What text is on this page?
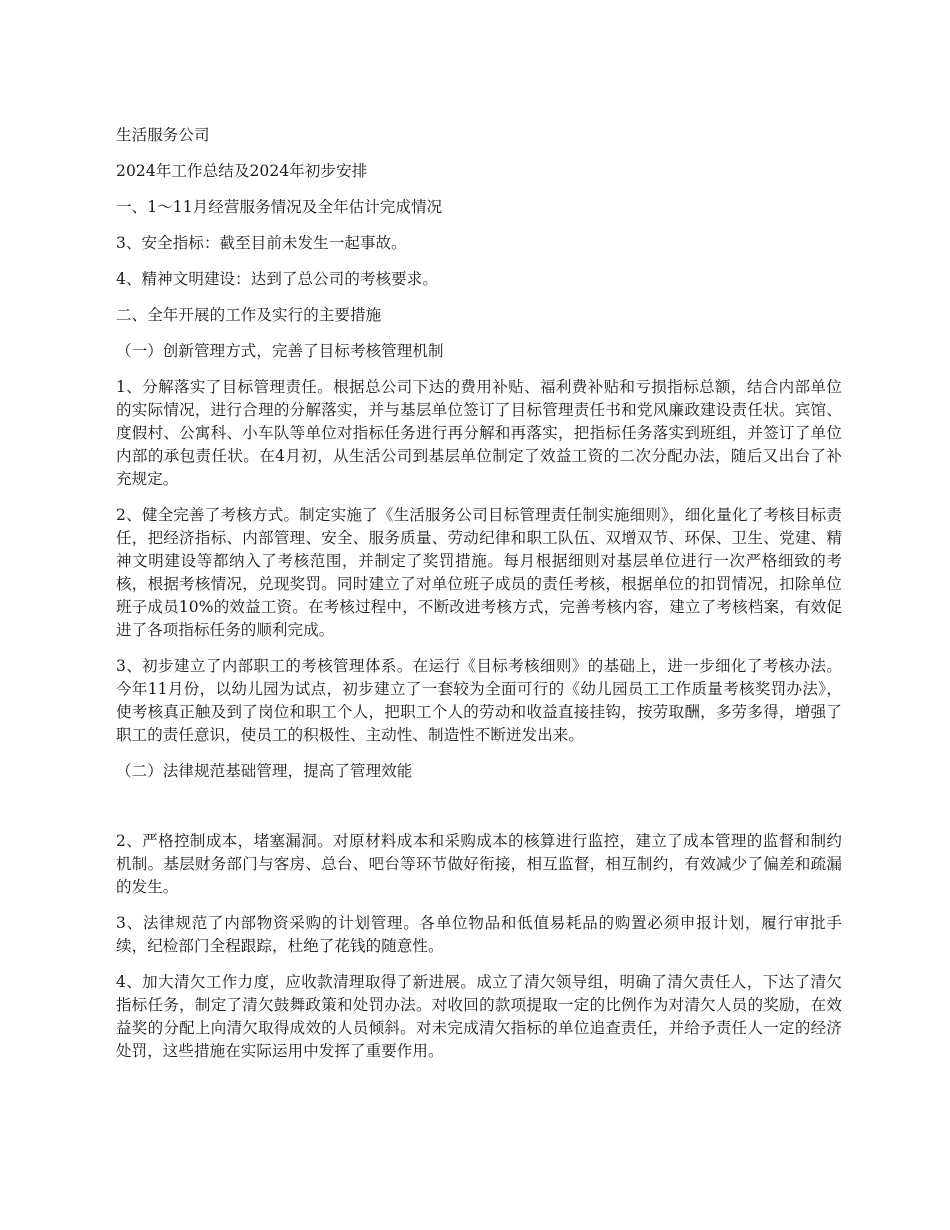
生活服务公司

2024年工作总结及2024年初步安排

一、1～11月经营服务情况及全年估计完成情况

3、安全指标：截至目前未发生一起事故。

4、精神文明建设：达到了总公司的考核要求。

二、全年开展的工作及实行的主要措施

（一）创新管理方式，完善了目标考核管理机制

1、分解落实了目标管理责任。根据总公司下达的费用补贴、福利费补贴和亏损指标总额，结合内部单位的实际情况，进行合理的分解落实，并与基层单位签订了目标管理责任书和党风廉政建设责任状。宾馆、度假村、公寓科、小车队等单位对指标任务进行再分解和再落实，把指标任务落实到班组，并签订了单位内部的承包责任状。在4月初，从生活公司到基层单位制定了效益工资的二次分配办法，随后又出台了补充规定。

2、健全完善了考核方式。制定实施了《生活服务公司目标管理责任制实施细则》，细化量化了考核目标责任，把经济指标、内部管理、安全、服务质量、劳动纪律和职工队伍、双增双节、环保、卫生、党建、精神文明建设等都纳入了考核范围，并制定了奖罚措施。每月根据细则对基层单位进行一次严格细致的考核，根据考核情况，兑现奖罚。同时建立了对单位班子成员的责任考核，根据单位的扣罚情况，扣除单位班子成员10%的效益工资。在考核过程中，不断改进考核方式，完善考核内容，建立了考核档案，有效促进了各项指标任务的顺利完成。

3、初步建立了内部职工的考核管理体系。在运行《目标考核细则》的基础上，进一步细化了考核办法。今年11月份，以幼儿园为试点，初步建立了一套较为全面可行的《幼儿园员工工作质量考核奖罚办法》，使考核真正触及到了岗位和职工个人，把职工个人的劳动和收益直接挂钩，按劳取酬，多劳多得，增强了职工的责任意识，使员工的积极性、主动性、制造性不断迸发出来。

（二）法律规范基础管理，提高了管理效能

2、严格控制成本，堵塞漏洞。对原材料成本和采购成本的核算进行监控，建立了成本管理的监督和制约机制。基层财务部门与客房、总台、吧台等环节做好衔接，相互监督，相互制约，有效减少了偏差和疏漏的发生。

3、法律规范了内部物资采购的计划管理。各单位物品和低值易耗品的购置必须申报计划，履行审批手续，纪检部门全程跟踪，杜绝了花钱的随意性。

4、加大清欠工作力度，应收款清理取得了新进展。成立了清欠领导组，明确了清欠责任人，下达了清欠指标任务，制定了清欠鼓舞政策和处罚办法。对收回的款项提取一定的比例作为对清欠人员的奖励，在效益奖的分配上向清欠取得成效的人员倾斜。对未完成清欠指标的单位追查责任，并给予责任人一定的经济处罚，这些措施在实际运用中发挥了重要作用。
